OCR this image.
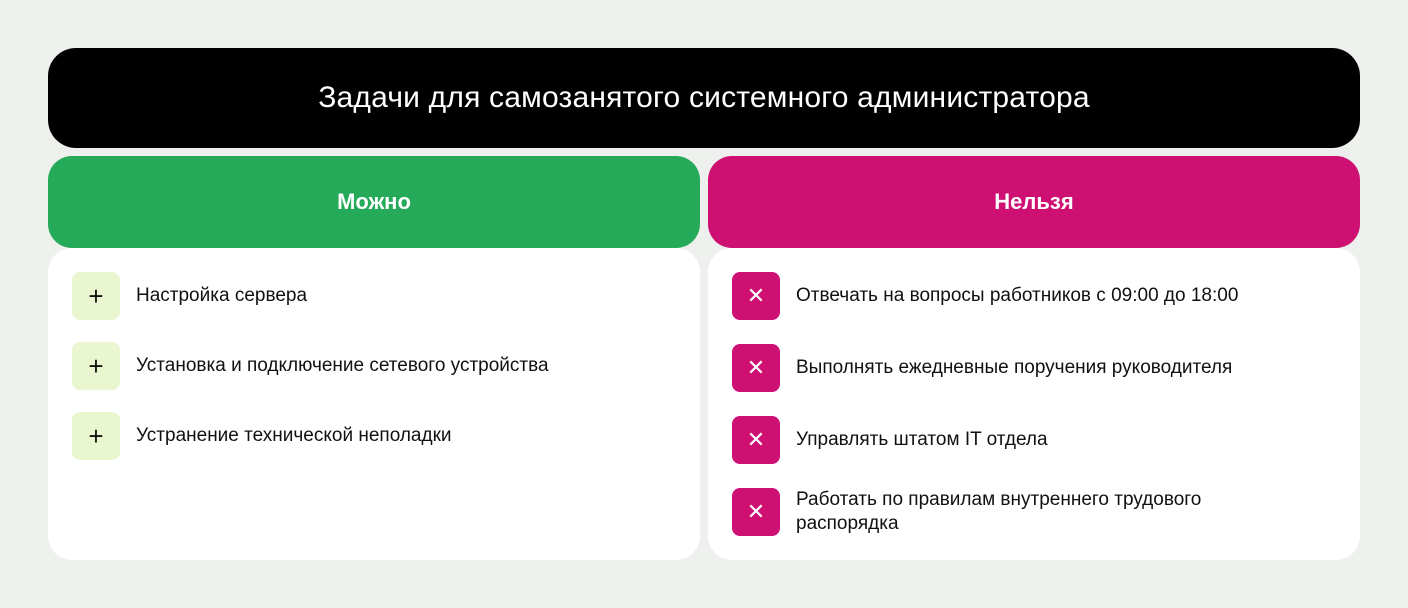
Задачи для самозанятого системного администратора
Можно	Нельзя
+	Настройка сервера
+	Установка и подключение сетевого устройства
+	Устранение технической неполадки
✕	Отвечать на вопросы работников с 09:00 до 18:00
✕	Выполнять ежедневные поручения руководителя
✕	Управлять штатом IT отдела
✕	Работать по правилам внутреннего трудового распорядка
